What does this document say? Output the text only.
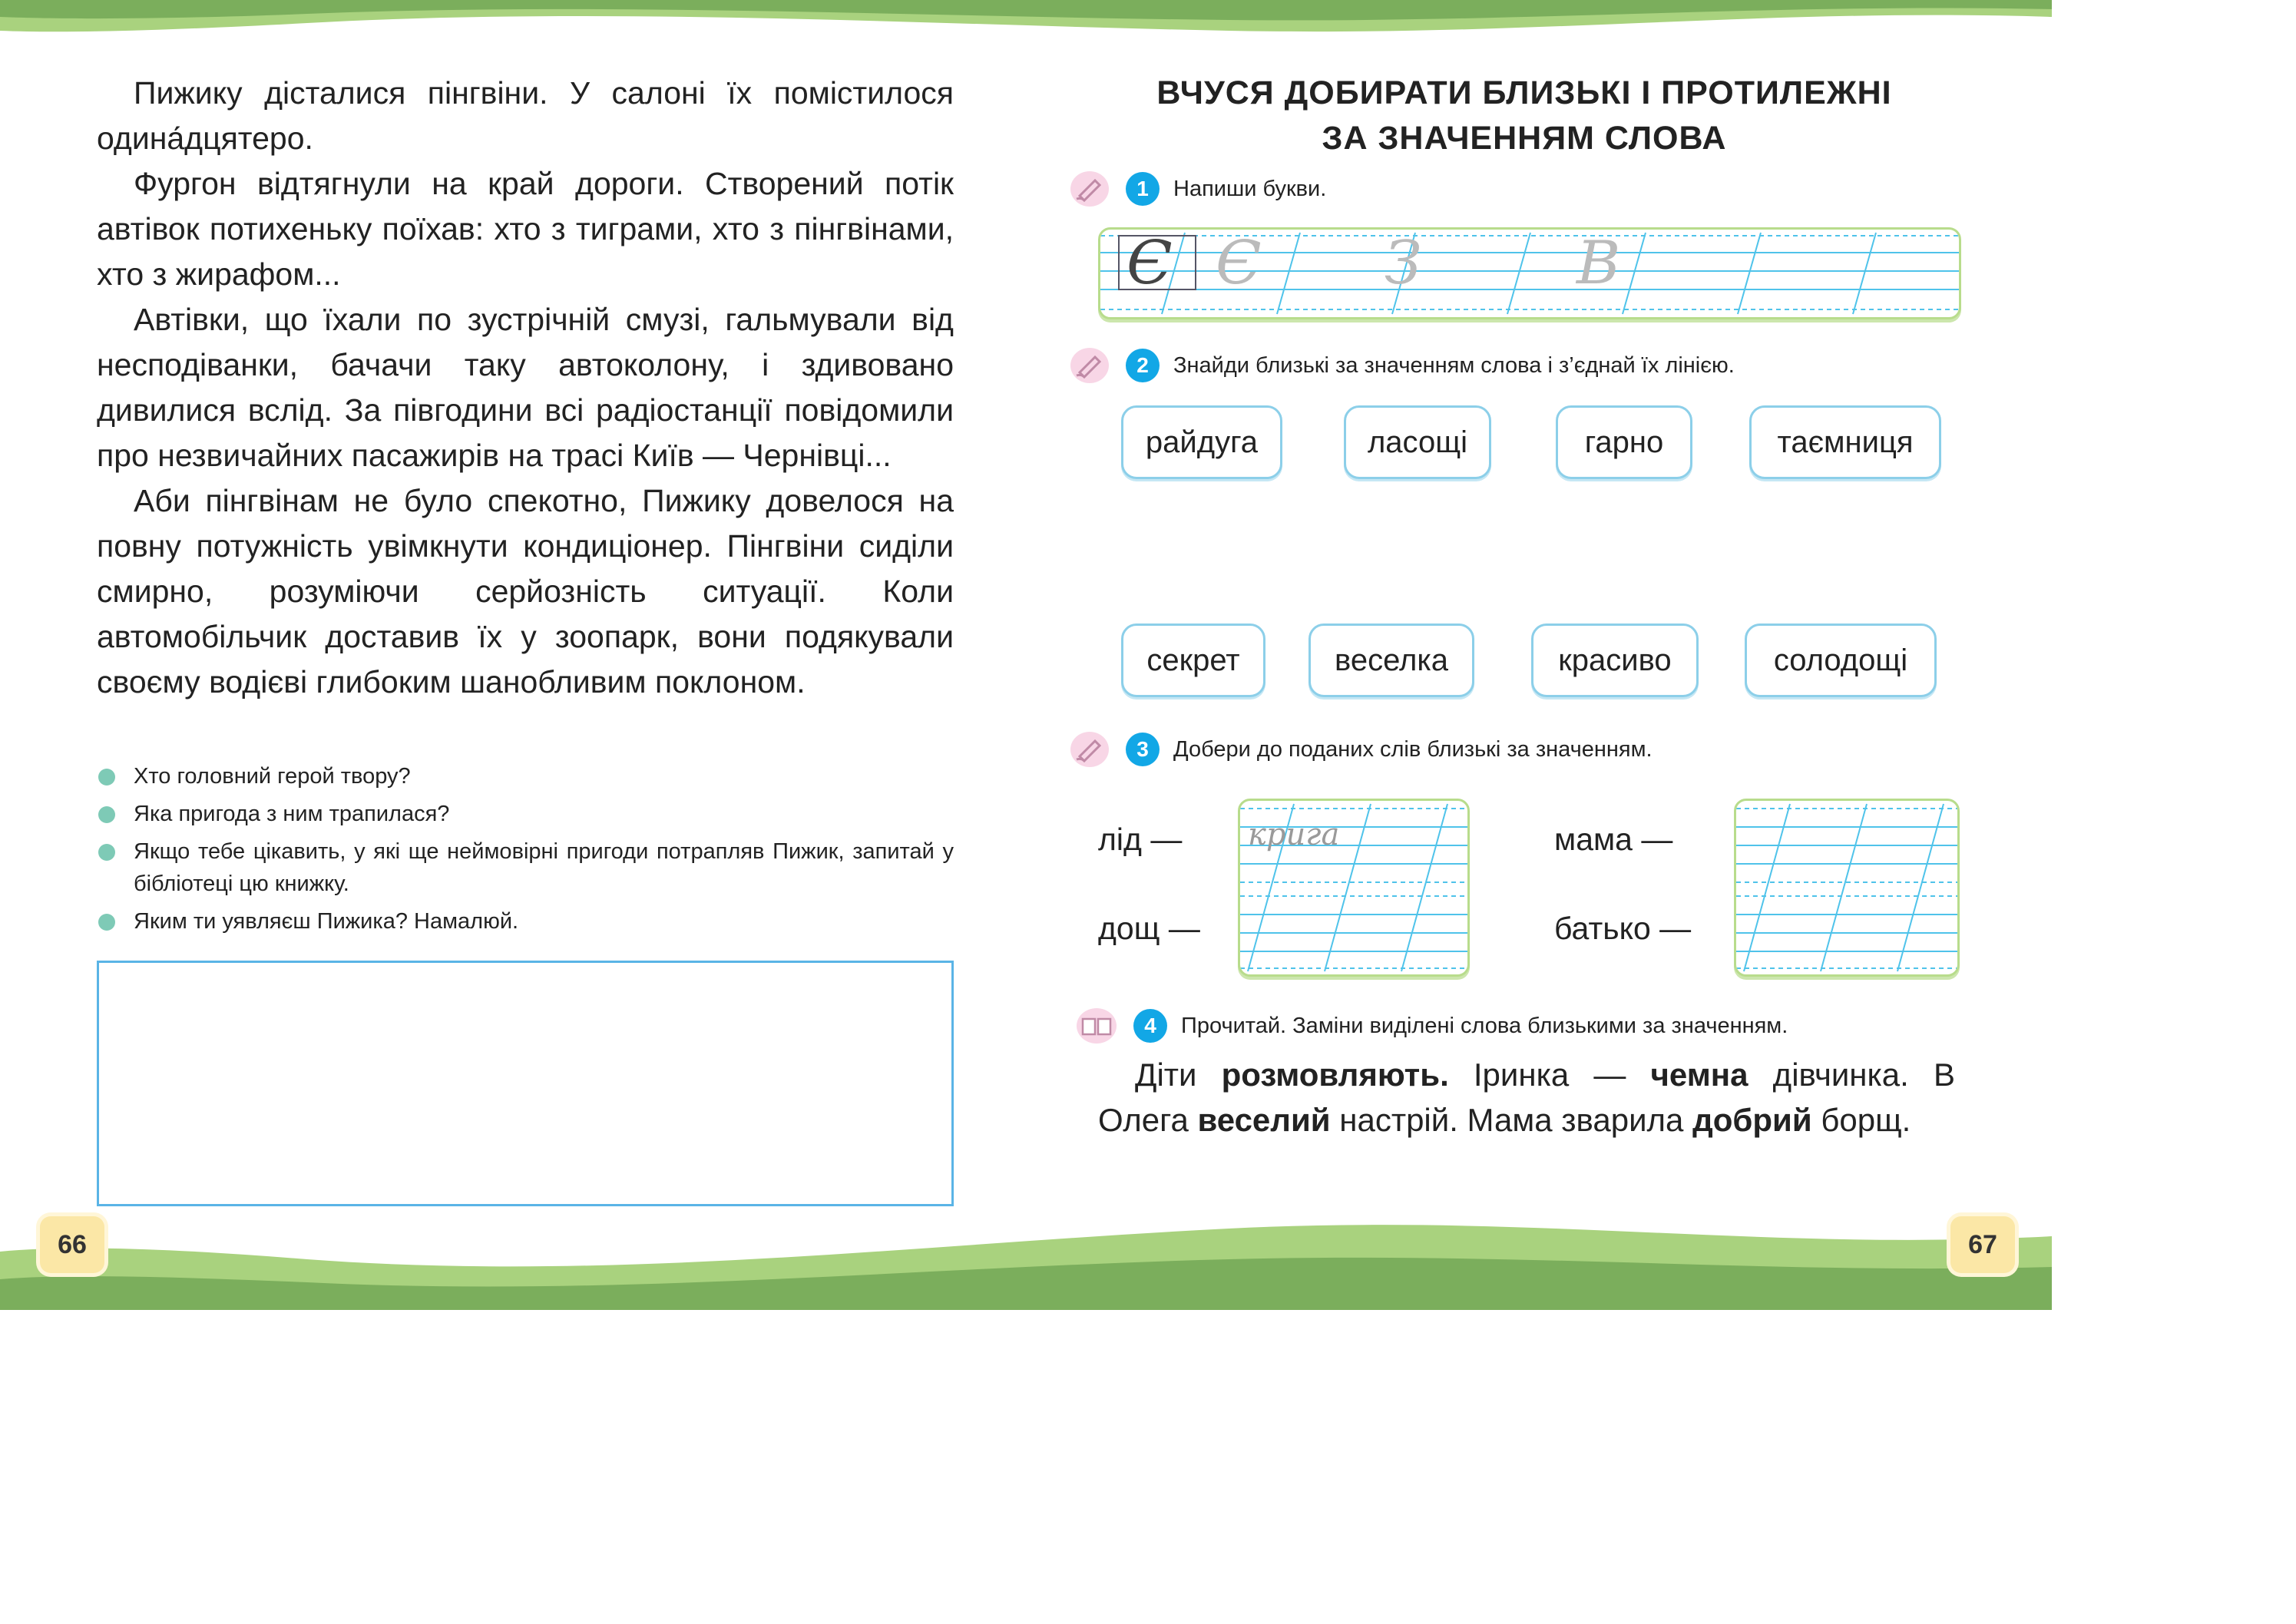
Пижику дісталися пінгвіни. У салоні їх помістилося одина́дцятеро.

Фургон відтягнули на край дороги. Створений потік автівок потихеньку поїхав: хто з тиграми, хто з пінгвінами, хто з жирафом...

Автівки, що їхали по зустрічній смузі, гальмували від несподіванки, бачачи таку автоколону, і здивовано дивилися вслід. За півгодини всі радіостанції повідомили про незвичайних пасажирів на трасі Київ — Чернівці...

Аби пінгвінам не було спекотно, Пижику довелося на повну потужність увімкнути кондиціонер. Пінгвіни сиділи смирно, розуміючи серйозність ситуації. Коли автомобільчик доставив їх у зоопарк, вони подякували своєму водієві глибоким шанобливим поклоном.

Хто головний герой твору?
Яка пригода з ним трапилася?
Якщо тебе цікавить, у які ще неймовірні пригоди потрапляв Пижик, запитай у бібліотеці цю книжку.
Яким ти уявляєш Пижика? Намалюй.
ВЧУСЯ ДОБИРАТИ БЛИЗЬКІ І ПРОТИЛЕЖНІ
ЗА ЗНАЧЕННЯМ СЛОВА
1	Напиши букви.
Є Є З	В
2	Знайди близькі за значенням слова і з’єднай їх лінією.
райдуга	ласощі	гарно	таємниця
секрет	веселка	красиво	солодощі
3	Добери до поданих слів близькі за значенням.
лід —
дощ —
мама —
батько —
крига
4	Прочитай. Заміни виділені слова близькими за значенням.

Діти розмовляють. Іринка — чемна дівчинка. В Олега веселий настрій. Мама зварила добрий борщ.

66	67
